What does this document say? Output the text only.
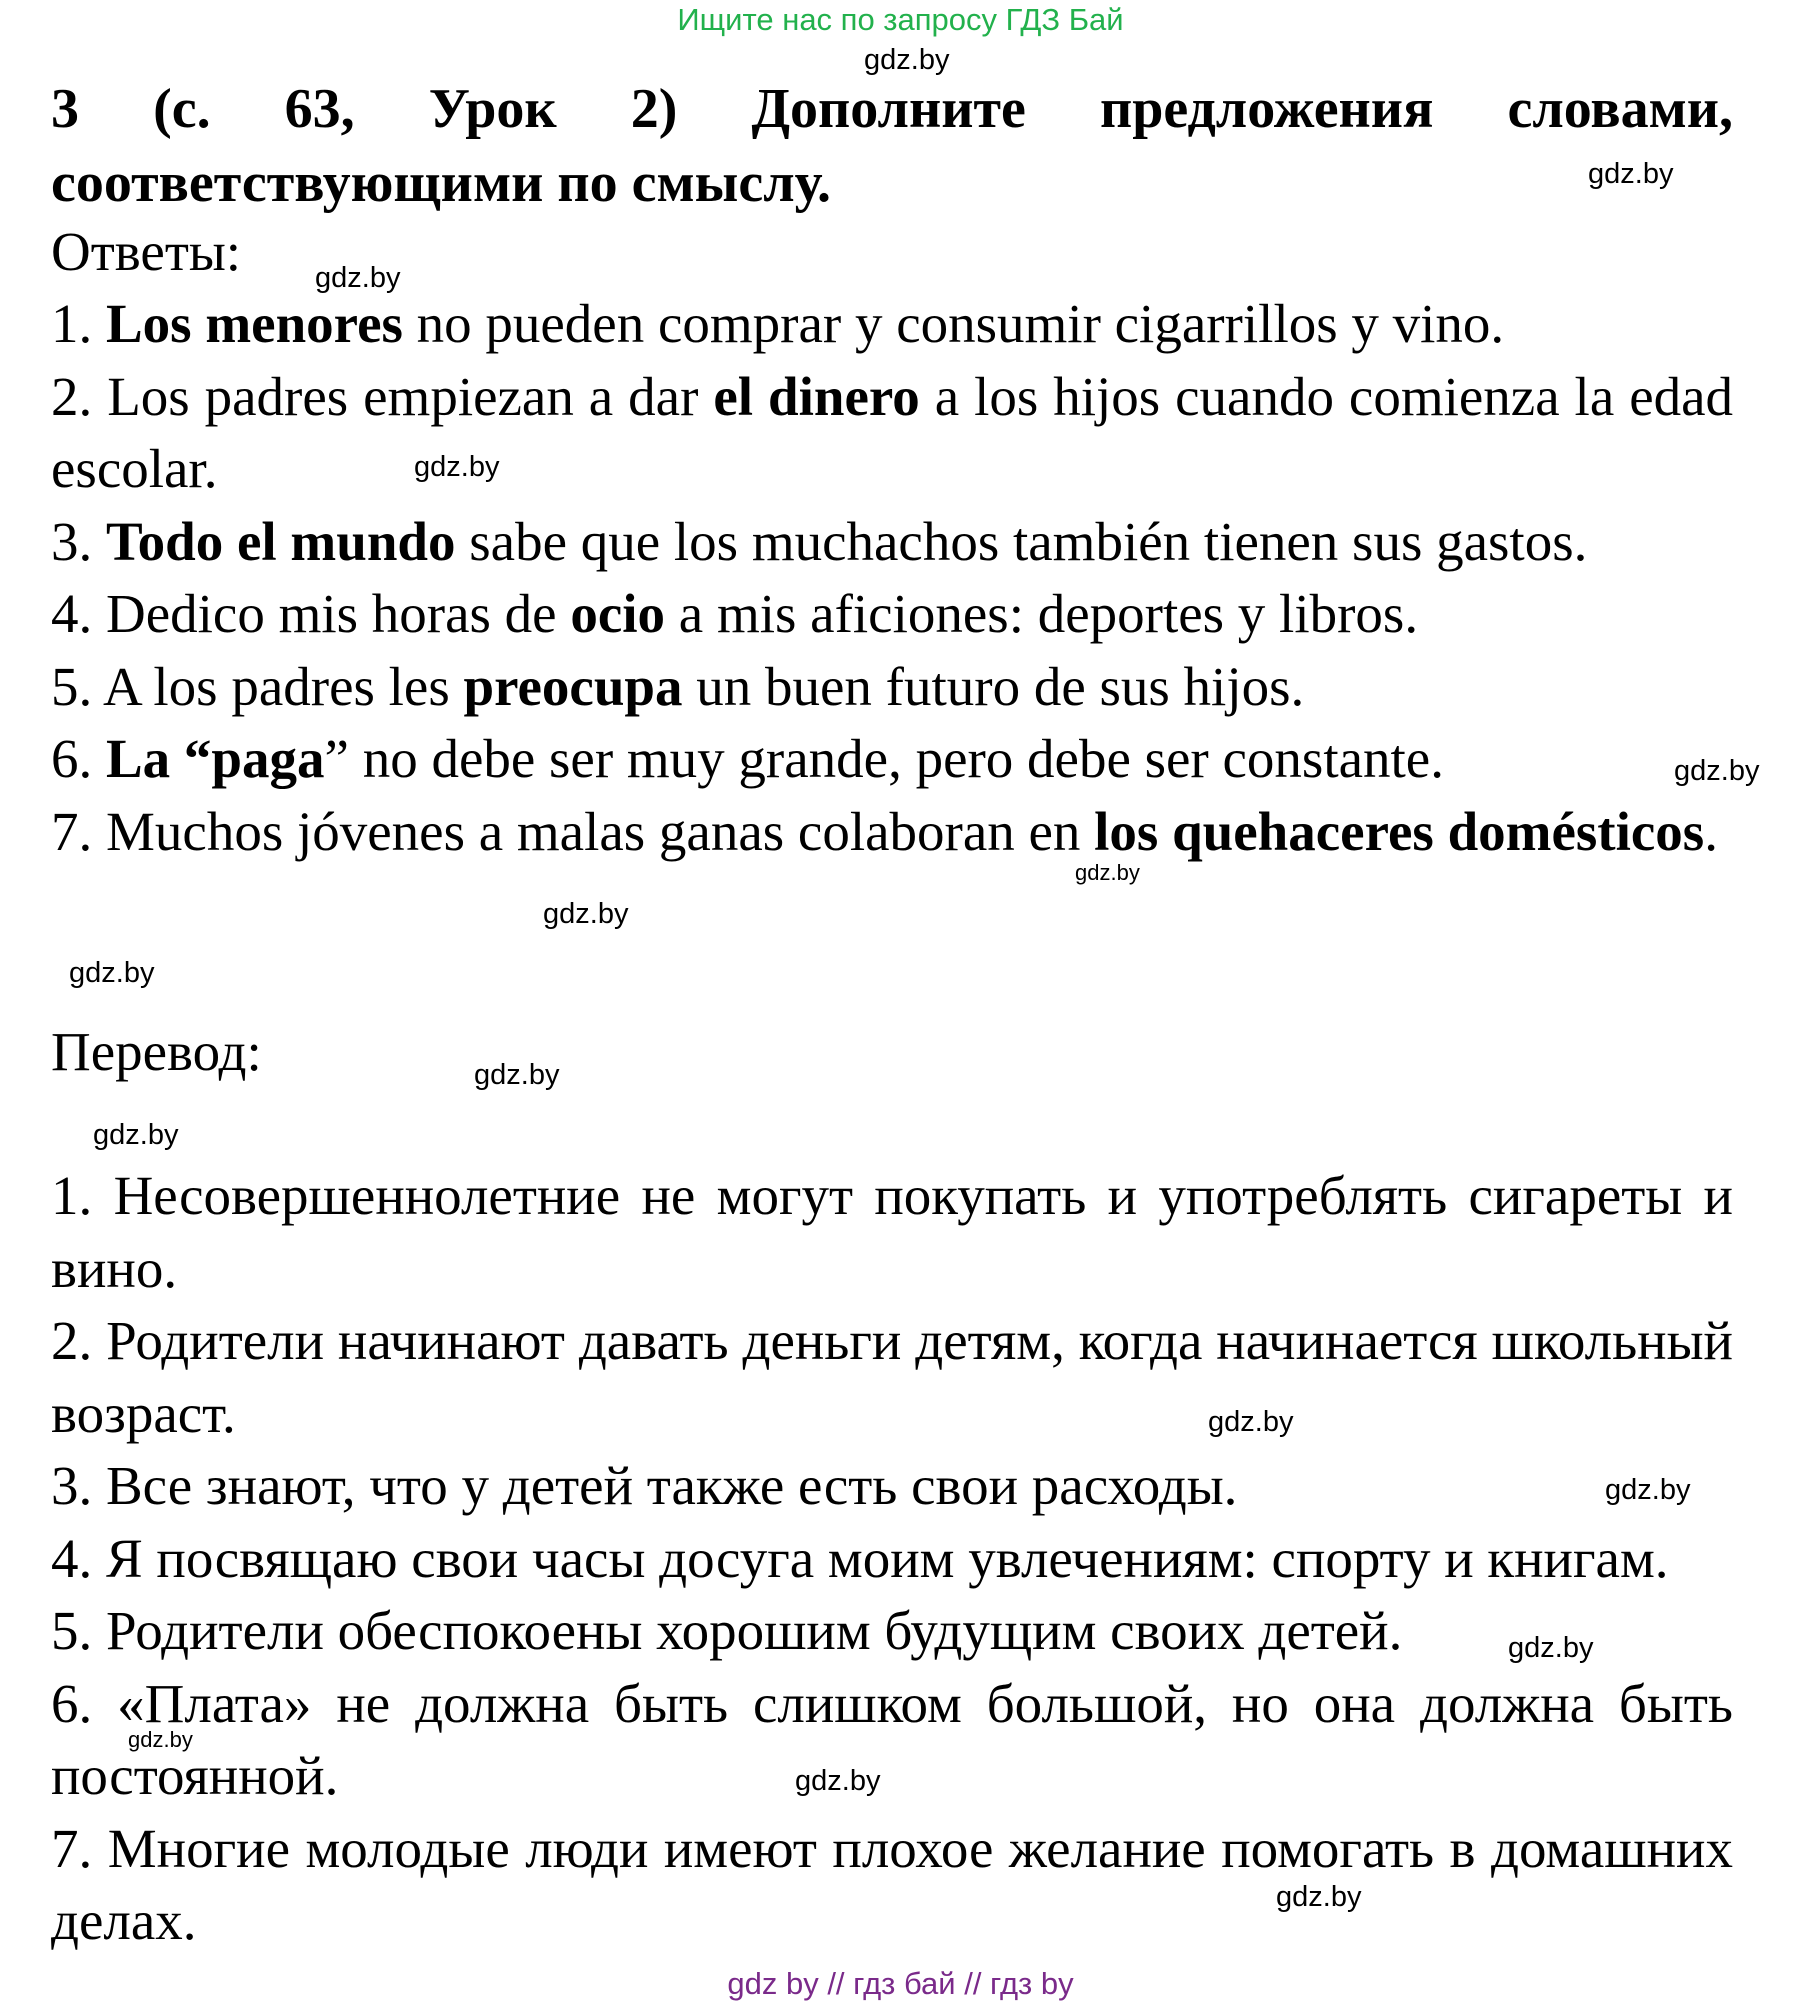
Ищите нас по запросу ГДЗ Бай
3 (с. 63, Урок 2) Дополните предложения словами,
соответствующими по смыслу.
Ответы:

1. Los menores no pueden comprar y consumir cigarrillos y vino.

2. Los padres empiezan a dar el dinero a los hijos cuando comienza la edad escolar.

3. Todo el mundo sabe que los muchachos también tienen sus gastos.

4. Dedico mis horas de ocio a mis aficiones: deportes y libros.

5. A los padres les preocupa un buen futuro de sus hijos.

6. La “paga” no debe ser muy grande, pero debe ser constante.

7. Muchos jóvenes a malas ganas colaboran en los quehaceres domésticos.

Перевод:

1. Несовершеннолетние не могут покупать и употреблять сигареты и вино.

2. Родители начинают давать деньги детям, когда начинается школьный возраст.

3. Все знают, что у детей также есть свои расходы.

4. Я посвящаю свои часы досуга моим увлечениям: спорту и книгам.

5. Родители обеспокоены хорошим будущим своих детей.

6. «Плата» не должна быть слишком большой, но она должна быть постоянной.

7. Многие молодые люди имеют плохое желание помогать в домашних делах.

gdz.by
gdz.by
gdz.by
gdz.by
gdz.by
gdz.by
gdz.by
gdz.by
gdz.by
gdz.by
gdz.by
gdz.by
gdz.by
gdz.by
gdz.by
gdz.by
gdz by // гдз бай // гдз by
